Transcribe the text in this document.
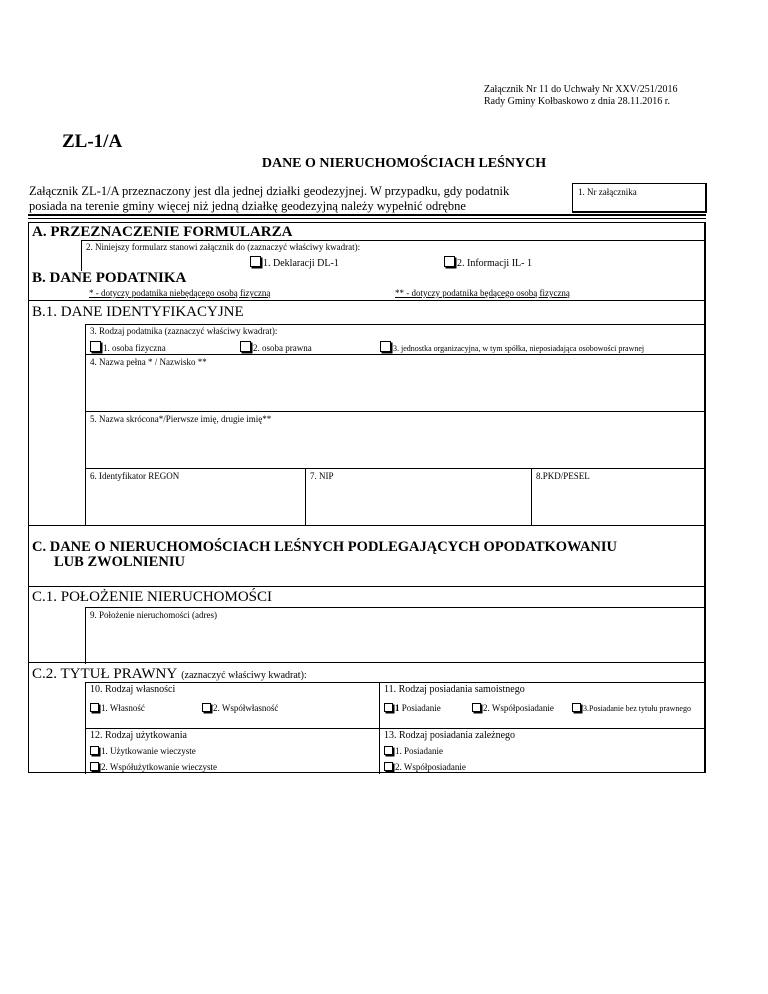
Załącznik Nr 11 do Uchwały Nr XXV/251/2016
Rady Gminy Kołbaskowo z dnia 28.11.2016 r.
ZL-1/A
DANE O NIERUCHOMOŚCIACH LEŚNYCH
Załącznik ZL-1/A przeznaczony jest dla jednej działki geodezyjnej. W przypadku, gdy podatnik
posiada na terenie gminy więcej niż jedną działkę geodezyjną należy wypełnić odrębne
1. Nr załącznika
A. PRZEZNACZENIE FORMULARZA
2. Niniejszy formularz stanowi załącznik do (zaznaczyć właściwy kwadrat):
1. Deklaracji DL-1	2. Informacji IL- 1
B. DANE PODATNIKA
* - dotyczy podatnika niebędącego osobą fizyczną	** - dotyczy podatnika będącego osobą fizyczną
B.1. DANE IDENTYFIKACYJNE
3. Rodzaj podatnika (zaznaczyć właściwy kwadrat):
1. osoba fizyczna	2. osoba prawna	3. jednostka organizacyjna, w tym spółka, nieposiadająca osobowości prawnej
4. Nazwa pełna * / Nazwisko **
5. Nazwa skrócona*/Pierwsze imię, drugie imię**
6. Identyfikator REGON	7. NIP	8.PKD/PESEL
C. DANE O NIERUCHOMOŚCIACH LEŚNYCH PODLEGAJĄCYCH OPODATKOWANIU
LUB ZWOLNIENIU
C.1. POŁOŻENIE NIERUCHOMOŚCI
9. Położenie nieruchomości (adres)
C.2. TYTUŁ PRAWNY (zaznaczyć właściwy kwadrat):
10. Rodzaj własności
1. Własność	2. Współwłasność
11. Rodzaj posiadania samoistnego
1 Posiadanie	2. Współposiadanie	3.Posiadanie bez tytułu prawnego
12. Rodzaj użytkowania
1. Użytkowanie wieczyste
2. Współużytkowanie wieczyste
13. Rodzaj posiadania zależnego
1. Posiadanie
2. Współposiadanie
